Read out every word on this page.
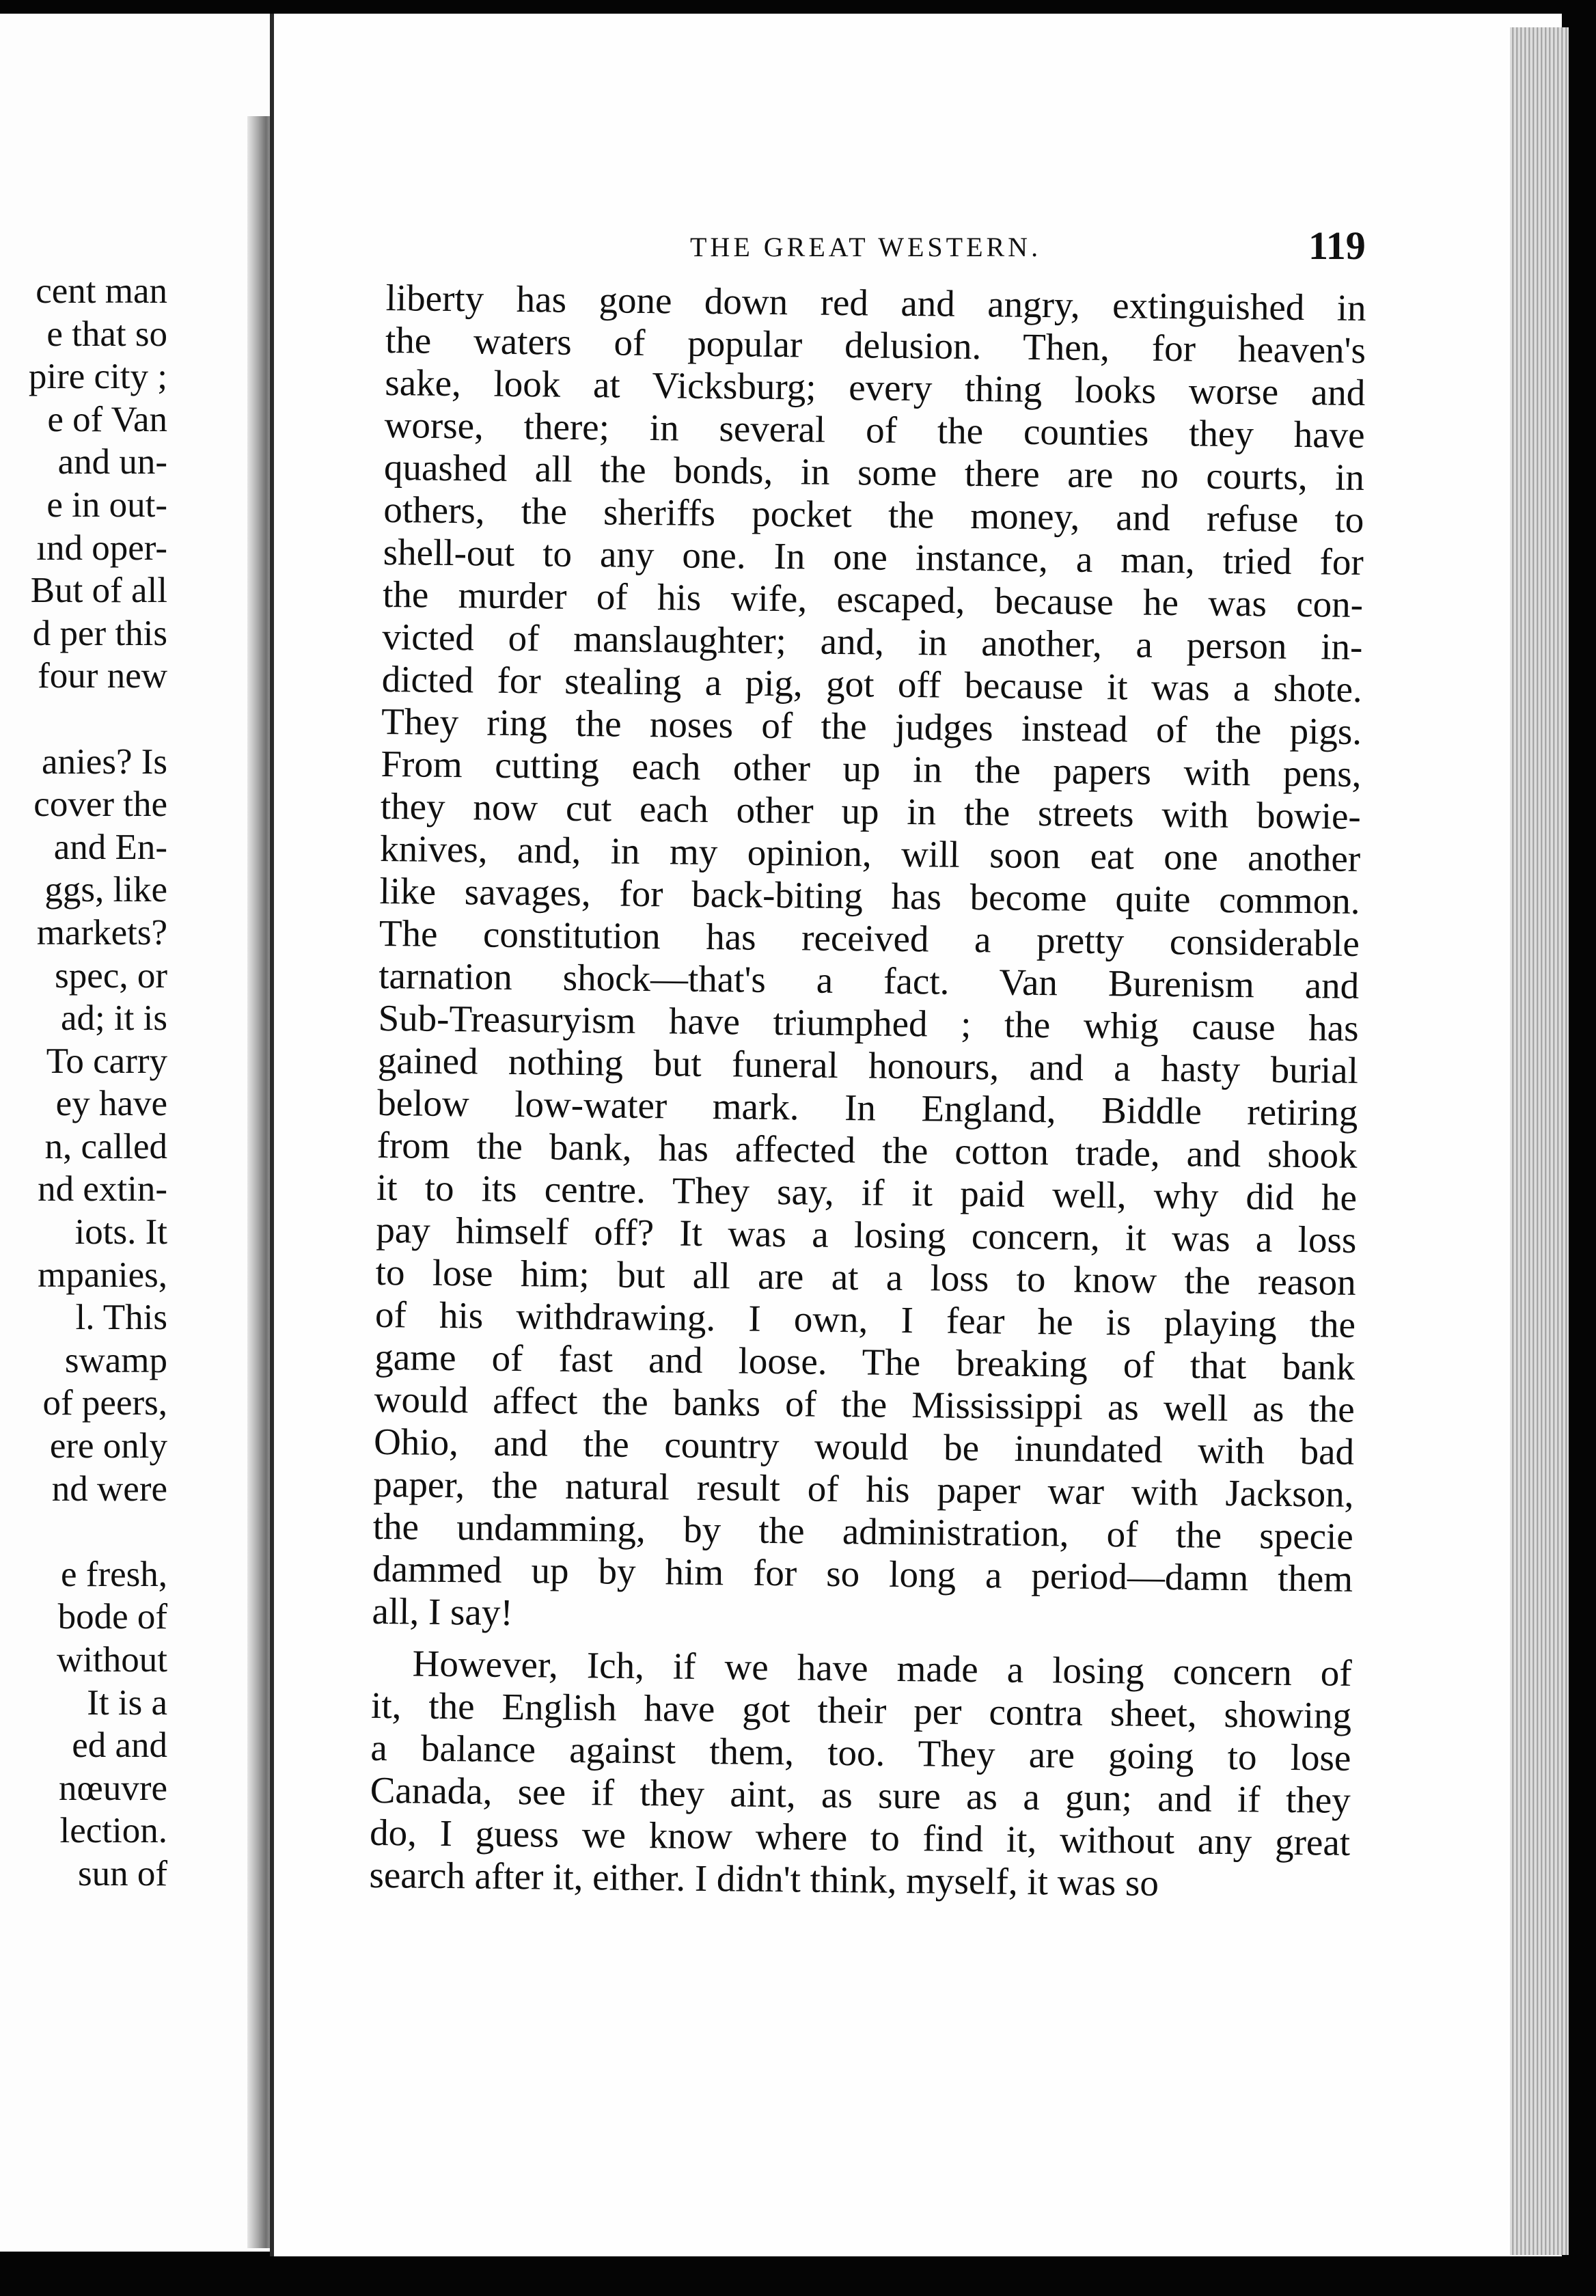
cent man
e that so
pire city ;
e of Van
and un-
e in out-
ınd oper-
But of all
d per this
four new
anies? Is
cover the
and En-
ggs, like
markets?
spec, or
ad; it is
To carry
ey have
n, called
nd extin-
iots. It
mpanies,
l. This
swamp
of peers,
ere only
nd were
e fresh,
bode of
without
It is a
ed and
nœuvre
lection.
sun of
THE GREAT WESTERN.	119
liberty has gone down red and angry, extinguished in
the waters of popular delusion. Then, for heaven's
sake, look at Vicksburg; every thing looks worse and
worse, there; in several of the counties they have
quashed all the bonds, in some there are no courts, in
others, the sheriffs pocket the money, and refuse to
shell-out to any one. In one instance, a man, tried for
the murder of his wife, escaped, because he was con-
victed of manslaughter; and, in another, a person in-
dicted for stealing a pig, got off because it was a shote.
They ring the noses of the judges instead of the pigs.
From cutting each other up in the papers with pens,
they now cut each other up in the streets with bowie-
knives, and, in my opinion, will soon eat one another
like savages, for back-biting has become quite common.
The constitution has received a pretty considerable
tarnation shock—that's a fact. Van Burenism and
Sub-Treasuryism have triumphed ; the whig cause has
gained nothing but funeral honours, and a hasty burial
below low-water mark. In England, Biddle retiring
from the bank, has affected the cotton trade, and shook
it to its centre. They say, if it paid well, why did he
pay himself off? It was a losing concern, it was a loss
to lose him; but all are at a loss to know the reason
of his withdrawing. I own, I fear he is playing the
game of fast and loose. The breaking of that bank
would affect the banks of the Mississippi as well as the
Ohio, and the country would be inundated with bad
paper, the natural result of his paper war with Jackson,
the undamming, by the administration, of the specie
dammed up by him for so long a period—damn them
all, I say!
However, Ich, if we have made a losing concern of
it, the English have got their per contra sheet, showing
a balance against them, too. They are going to lose
Canada, see if they aint, as sure as a gun; and if they
do, I guess we know where to find it, without any great
search after it, either. I didn't think, myself, it was so
